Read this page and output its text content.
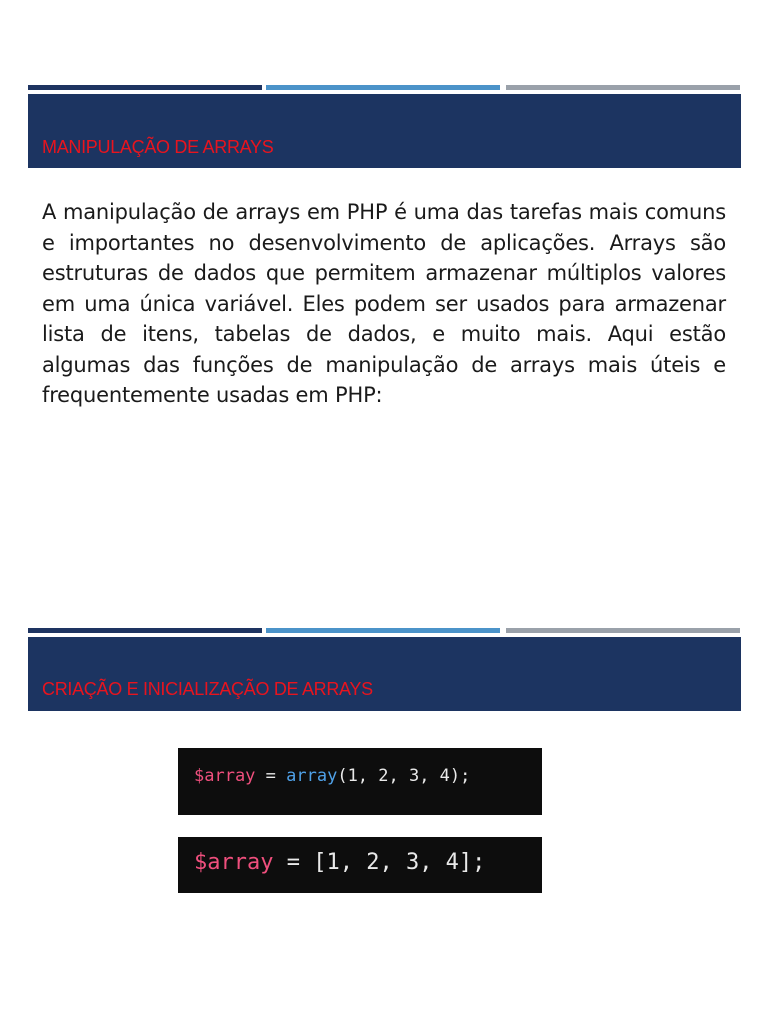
MANIPULAÇÃO DE ARRAYS

A manipulação de arrays em PHP é uma das tarefas mais comuns e importantes no desenvolvimento de aplicações. Arrays são estruturas de dados que permitem armazenar múltiplos valores em uma única variável. Eles podem ser usados para armazenar lista de itens, tabelas de dados, e muito mais. Aqui estão algumas das funções de manipulação de arrays mais úteis e frequentemente usadas em PHP:

CRIAÇÃO E INICIALIZAÇÃO DE ARRAYS
$array = array(1, 2, 3, 4);
$array = [1, 2, 3, 4];
